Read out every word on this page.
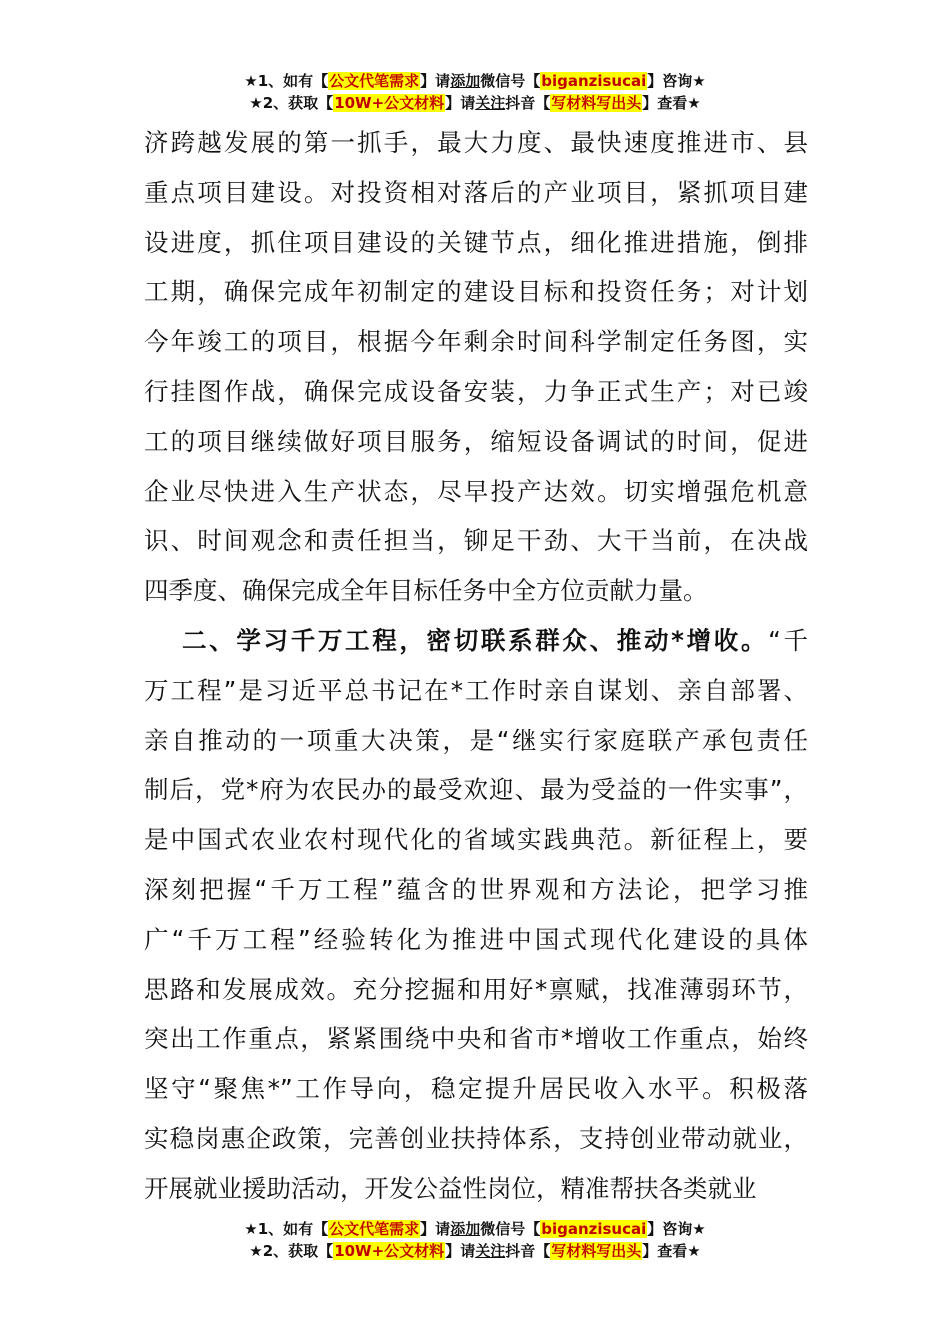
★1、如有【公文代笔需求】请添加微信号【biganzisucai】咨询★
★2、获取【10W+公文材料】请关注抖音【写材料写出头】查看★

济跨越发展的第一抓手，最大力度、最快速度推进市、县
重点项目建设。对投资相对落后的产业项目，紧抓项目建
设进度，抓住项目建设的关键节点，细化推进措施，倒排
工期，确保完成年初制定的建设目标和投资任务；对计划
今年竣工的项目，根据今年剩余时间科学制定任务图，实
行挂图作战，确保完成设备安装，力争正式生产；对已竣
工的项目继续做好项目服务，缩短设备调试的时间，促进
企业尽快进入生产状态，尽早投产达效。切实增强危机意
识、时间观念和责任担当，铆足干劲、大干当前，在决战
四季度、确保完成全年目标任务中全方位贡献力量。

二、学习千万工程，密切联系群众、推动*增收。“千
万工程”是习近平总书记在*工作时亲自谋划、亲自部署、
亲自推动的一项重大决策，是“继实行家庭联产承包责任
制后，党*府为农民办的最受欢迎、最为受益的一件实事”，
是中国式农业农村现代化的省域实践典范。新征程上，要
深刻把握“千万工程”蕴含的世界观和方法论，把学习推
广“千万工程”经验转化为推进中国式现代化建设的具体
思路和发展成效。充分挖掘和用好*禀赋，找准薄弱环节，
突出工作重点，紧紧围绕中央和省市*增收工作重点，始终
坚守“聚焦*”工作导向，稳定提升居民收入水平。积极落
实稳岗惠企政策，完善创业扶持体系，支持创业带动就业，
开展就业援助活动，开发公益性岗位，精准帮扶各类就业

★1、如有【公文代笔需求】请添加微信号【biganzisucai】咨询★
★2、获取【10W+公文材料】请关注抖音【写材料写出头】查看★
